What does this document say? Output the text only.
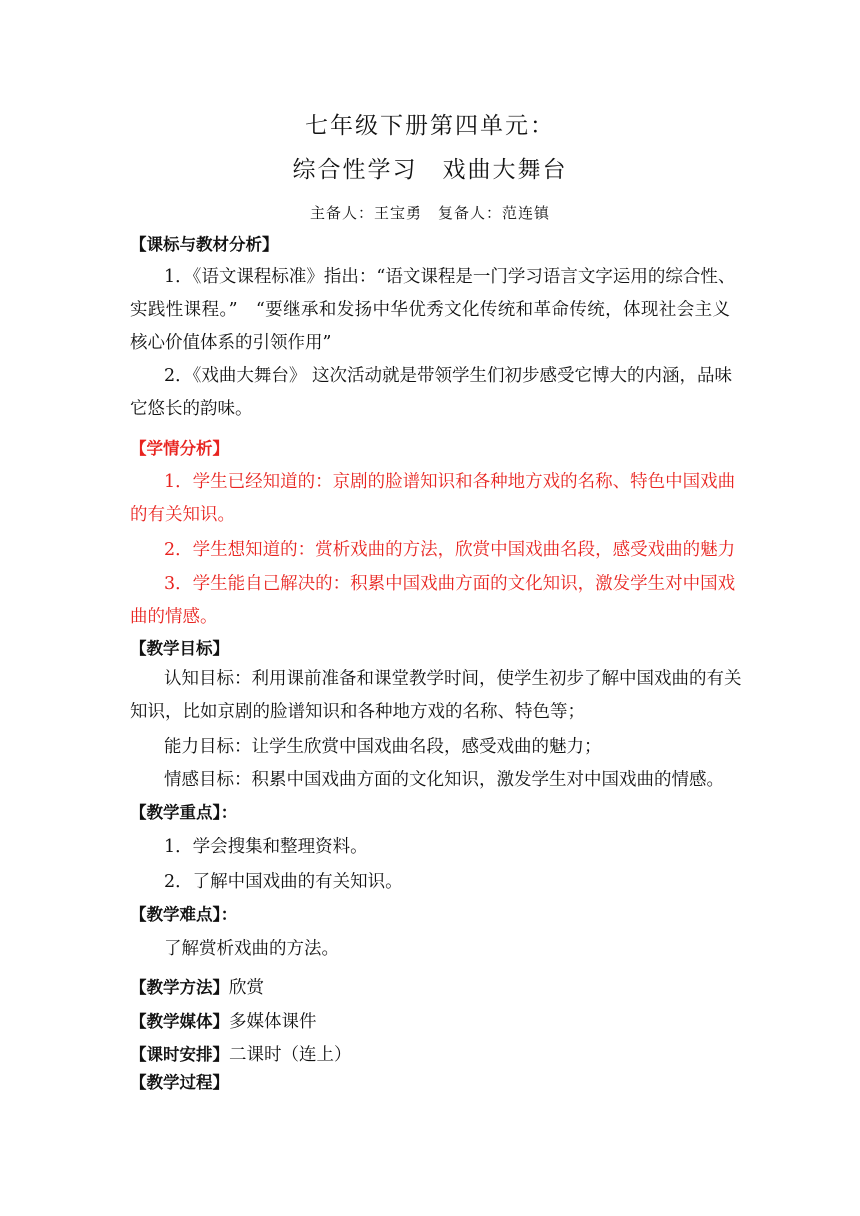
七年级下册第四单元：
综合性学习　戏曲大舞台
主备人：王宝勇　复备人：范连镇
【课标与教材分析】
1．《语文课程标准》指出：“语文课程是一门学习语言文字运用的综合性、
实践性课程。”　“要继承和发扬中华优秀文化传统和革命传统，体现社会主义
核心价值体系的引领作用”
2．《戏曲大舞台》 这次活动就是带领学生们初步感受它博大的内涵，品味
它悠长的韵味。
【学情分析】
1．学生已经知道的：京剧的脸谱知识和各种地方戏的名称、特色中国戏曲
的有关知识。
2．学生想知道的：赏析戏曲的方法，欣赏中国戏曲名段，感受戏曲的魅力
3．学生能自己解决的：积累中国戏曲方面的文化知识，激发学生对中国戏
曲的情感。
【教学目标】
认知目标：利用课前准备和课堂教学时间，使学生初步了解中国戏曲的有关
知识，比如京剧的脸谱知识和各种地方戏的名称、特色等；
能力目标：让学生欣赏中国戏曲名段，感受戏曲的魅力；
情感目标：积累中国戏曲方面的文化知识，激发学生对中国戏曲的情感。
【教学重点】：
1．学会搜集和整理资料。
2．了解中国戏曲的有关知识。
【教学难点】：
了解赏析戏曲的方法。
【教学方法】欣赏
【教学媒体】多媒体课件
【课时安排】二课时（连上）
【教学过程】
